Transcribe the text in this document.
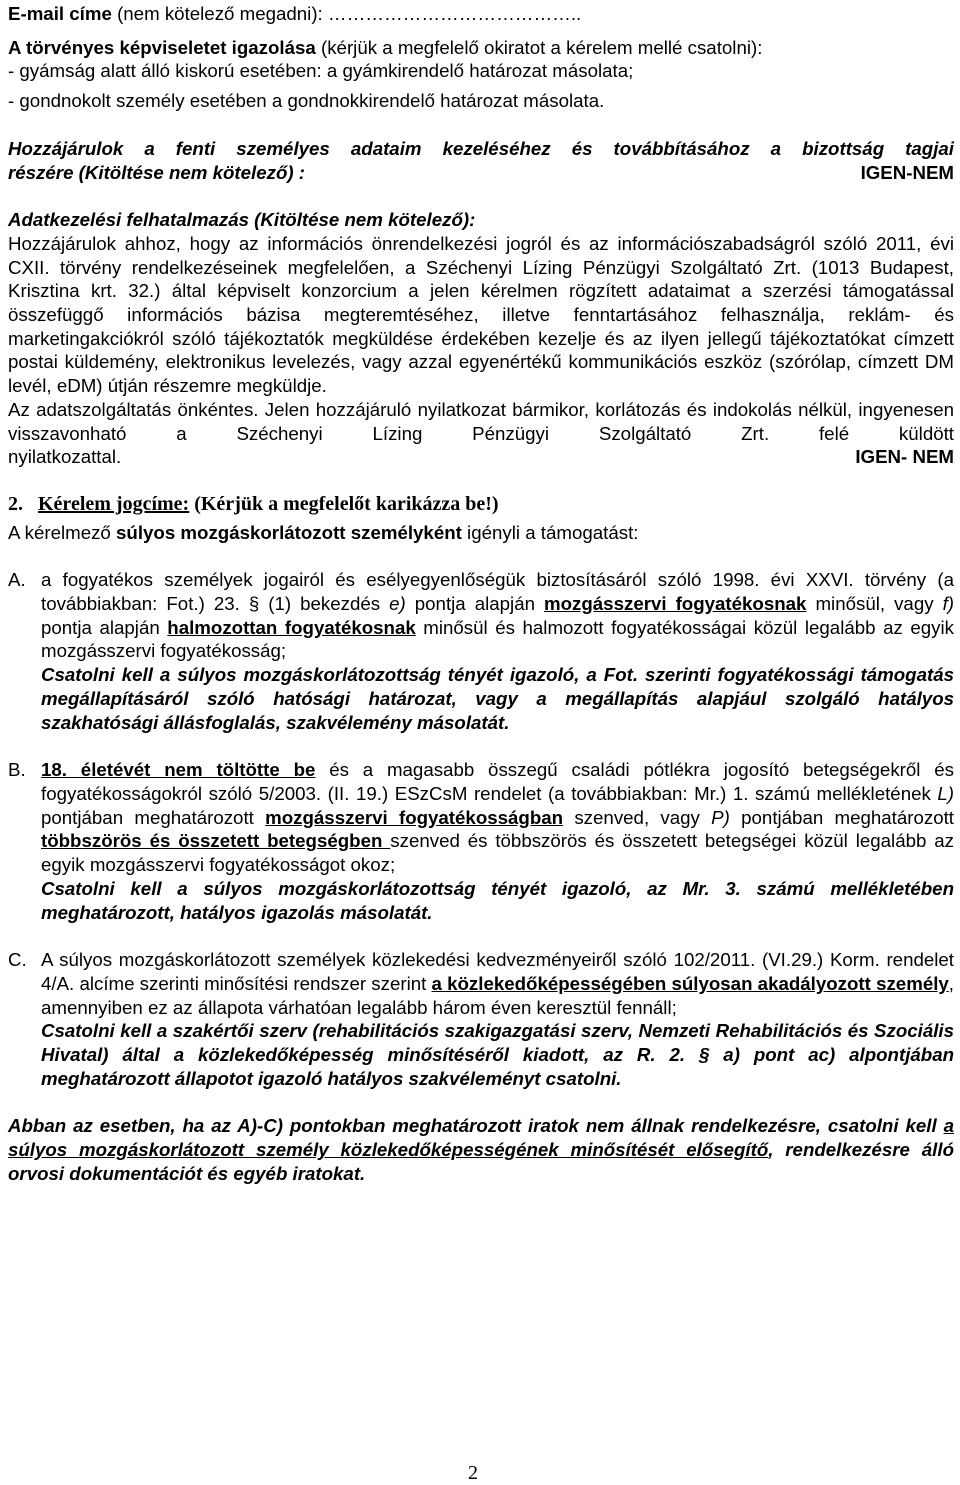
E-mail címe (nem kötelező megadni): …………………………………..

A törvényes képviseletet igazolása (kérjük a megfelelő okiratot a kérelem mellé csatolni):

- gyámság alatt álló kiskorú esetében: a gyámkirendelő határozat másolata;

- gondnokolt személy esetében a gondnokkirendelő határozat másolata.

Hozzájárulok a fenti személyes adataim kezeléséhez és továbbításához a bizottság tagjai

részére (Kitöltése nem kötelező) :	IGEN-NEM

Adatkezelési felhatalmazás (Kitöltése nem kötelező):

Hozzájárulok ahhoz, hogy az információs önrendelkezési jogról és az információszabadságról szóló 2011, évi CXII. törvény rendelkezéseinek megfelelően, a Széchenyi Lízing Pénzügyi Szolgáltató Zrt. (1013 Budapest, Krisztina krt. 32.) által képviselt konzorcium a jelen kérelmen rögzített adataimat a szerzési támogatással összefüggő információs bázisa megteremtéséhez, illetve fenntartásához felhasználja, reklám- és marketingakciókról szóló tájékoztatók megküldése érdekében kezelje és az ilyen jellegű tájékoztatókat címzett postai küldemény, elektronikus levelezés, vagy azzal egyenértékű kommunikációs eszköz (szórólap, címzett DM levél, eDM) útján részemre megküldje.

Az adatszolgáltatás önkéntes. Jelen hozzájáruló nyilatkozat bármikor, korlátozás és indokolás nélkül, ingyenesen visszavonható a Széchenyi Lízing Pénzügyi Szolgáltató Zrt. felé küldött

nyilatkozattal.	IGEN- NEM

2. Kérelem jogcíme: (Kérjük a megfelelőt karikázza be!)

A kérelmező súlyos mozgáskorlátozott személyként igényli a támogatást:

A. a fogyatékos személyek jogairól és esélyegyenlőségük biztosításáról szóló 1998. évi XXVI. törvény (a továbbiakban: Fot.) 23. § (1) bekezdés e) pontja alapján mozgásszervi fogyatékosnak minősül, vagy f) pontja alapján halmozottan fogyatékosnak minősül és halmozott fogyatékosságai közül legalább az egyik mozgásszervi fogyatékosság;

Csatolni kell a súlyos mozgáskorlátozottság tényét igazoló, a Fot. szerinti fogyatékossági támogatás megállapításáról szóló hatósági határozat, vagy a megállapítás alapjául szolgáló hatályos szakhatósági állásfoglalás, szakvélemény másolatát.

B. 18. életévét nem töltötte be és a magasabb összegű családi pótlékra jogosító betegségekről és fogyatékosságokról szóló 5/2003. (II. 19.) ESzCsM rendelet (a továbbiakban: Mr.) 1. számú mellékletének L) pontjában meghatározott mozgásszervi fogyatékosságban szenved, vagy P) pontjában meghatározott többszörös és összetett betegségben szenved és többszörös és összetett betegségei közül legalább az egyik mozgásszervi fogyatékosságot okoz;

Csatolni kell a súlyos mozgáskorlátozottság tényét igazoló, az Mr. 3. számú mellékletében meghatározott, hatályos igazolás másolatát.

C. A súlyos mozgáskorlátozott személyek közlekedési kedvezményeiről szóló 102/2011. (VI.29.) Korm. rendelet 4/A. alcíme szerinti minősítési rendszer szerint a közlekedőképességében súlyosan akadályozott személy, amennyiben ez az állapota várhatóan legalább három éven keresztül fennáll;

Csatolni kell a szakértői szerv (rehabilitációs szakigazgatási szerv, Nemzeti Rehabilitációs és Szociális Hivatal) által a közlekedőképesség minősítéséről kiadott, az R. 2. § a) pont ac) alpontjában meghatározott állapotot igazoló hatályos szakvéleményt csatolni.

Abban az esetben, ha az A)-C) pontokban meghatározott iratok nem állnak rendelkezésre, csatolni kell a súlyos mozgáskorlátozott személy közlekedőképességének minősítését elősegítő, rendelkezésre álló orvosi dokumentációt és egyéb iratokat.

2
